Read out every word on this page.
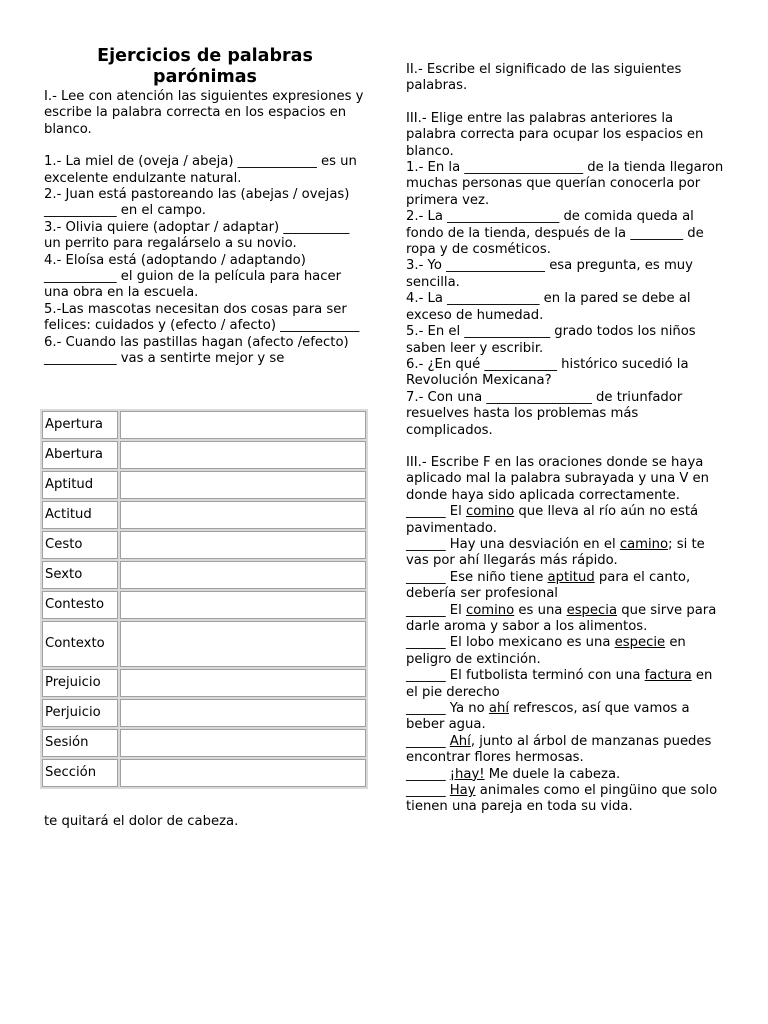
Ejercicios de palabras parónimas

I.- Lee con atención las siguientes expresiones y escribe la palabra correcta en los espacios en blanco.

1.- La miel de (oveja / abeja) ____________ es un excelente endulzante natural.

2.- Juan está pastoreando las (abejas / ovejas) ___________ en el campo.

3.- Olivia quiere (adoptar / adaptar) __________ un perrito para regalárselo a su novio.

4.- Eloísa está (adoptando / adaptando) ___________ el guion de la película para hacer una obra en la escuela.

5.-Las mascotas necesitan dos cosas para ser felices: cuidados y (efecto / afecto) ____________

6.- Cuando las pastillas hagan (afecto /efecto) ___________ vas a sentirte mejor y se

Apertura	
Abertura	
Aptitud	
Actitud	
Cesto	
Sexto	
Contesto	
Contexto	
Prejuicio	
Perjuicio	
Sesión	
Sección	
te quitará el dolor de cabeza.

II.- Escribe el significado de las siguientes palabras.

III.- Elige entre las palabras anteriores la palabra correcta para ocupar los espacios en blanco.

1.- En la __________________ de la tienda llegaron muchas personas que querían conocerla por primera vez.

2.- La _________________ de comida queda al fondo de la tienda, después de la ________ de ropa y de cosméticos.

3.- Yo _______________ esa pregunta, es muy sencilla.

4.- La ______________ en la pared se debe al exceso de humedad.

5.- En el _____________ grado todos los niños saben leer y escribir.

6.- ¿En qué ___________ histórico sucedió la Revolución Mexicana?

7.- Con una ________________ de triunfador resuelves hasta los problemas más complicados.

III.- Escribe F en las oraciones donde se haya aplicado mal la palabra subrayada y una V en donde haya sido aplicada correctamente.

______ El comino que lleva al río aún no está pavimentado.

______ Hay una desviación en el camino; si te vas por ahí llegarás más rápido.

______ Ese niño tiene aptitud para el canto, debería ser profesional

______ El comino es una especia que sirve para darle aroma y sabor a los alimentos.

______ El lobo mexicano es una especie en peligro de extinción.

______ El futbolista terminó con una factura en el pie derecho

______ Ya no ahí refrescos, así que vamos a beber agua.

______ Ahí, junto al árbol de manzanas puedes encontrar flores hermosas.

______ ¡hay! Me duele la cabeza.

______ Hay animales como el pingüino que solo tienen una pareja en toda su vida.
